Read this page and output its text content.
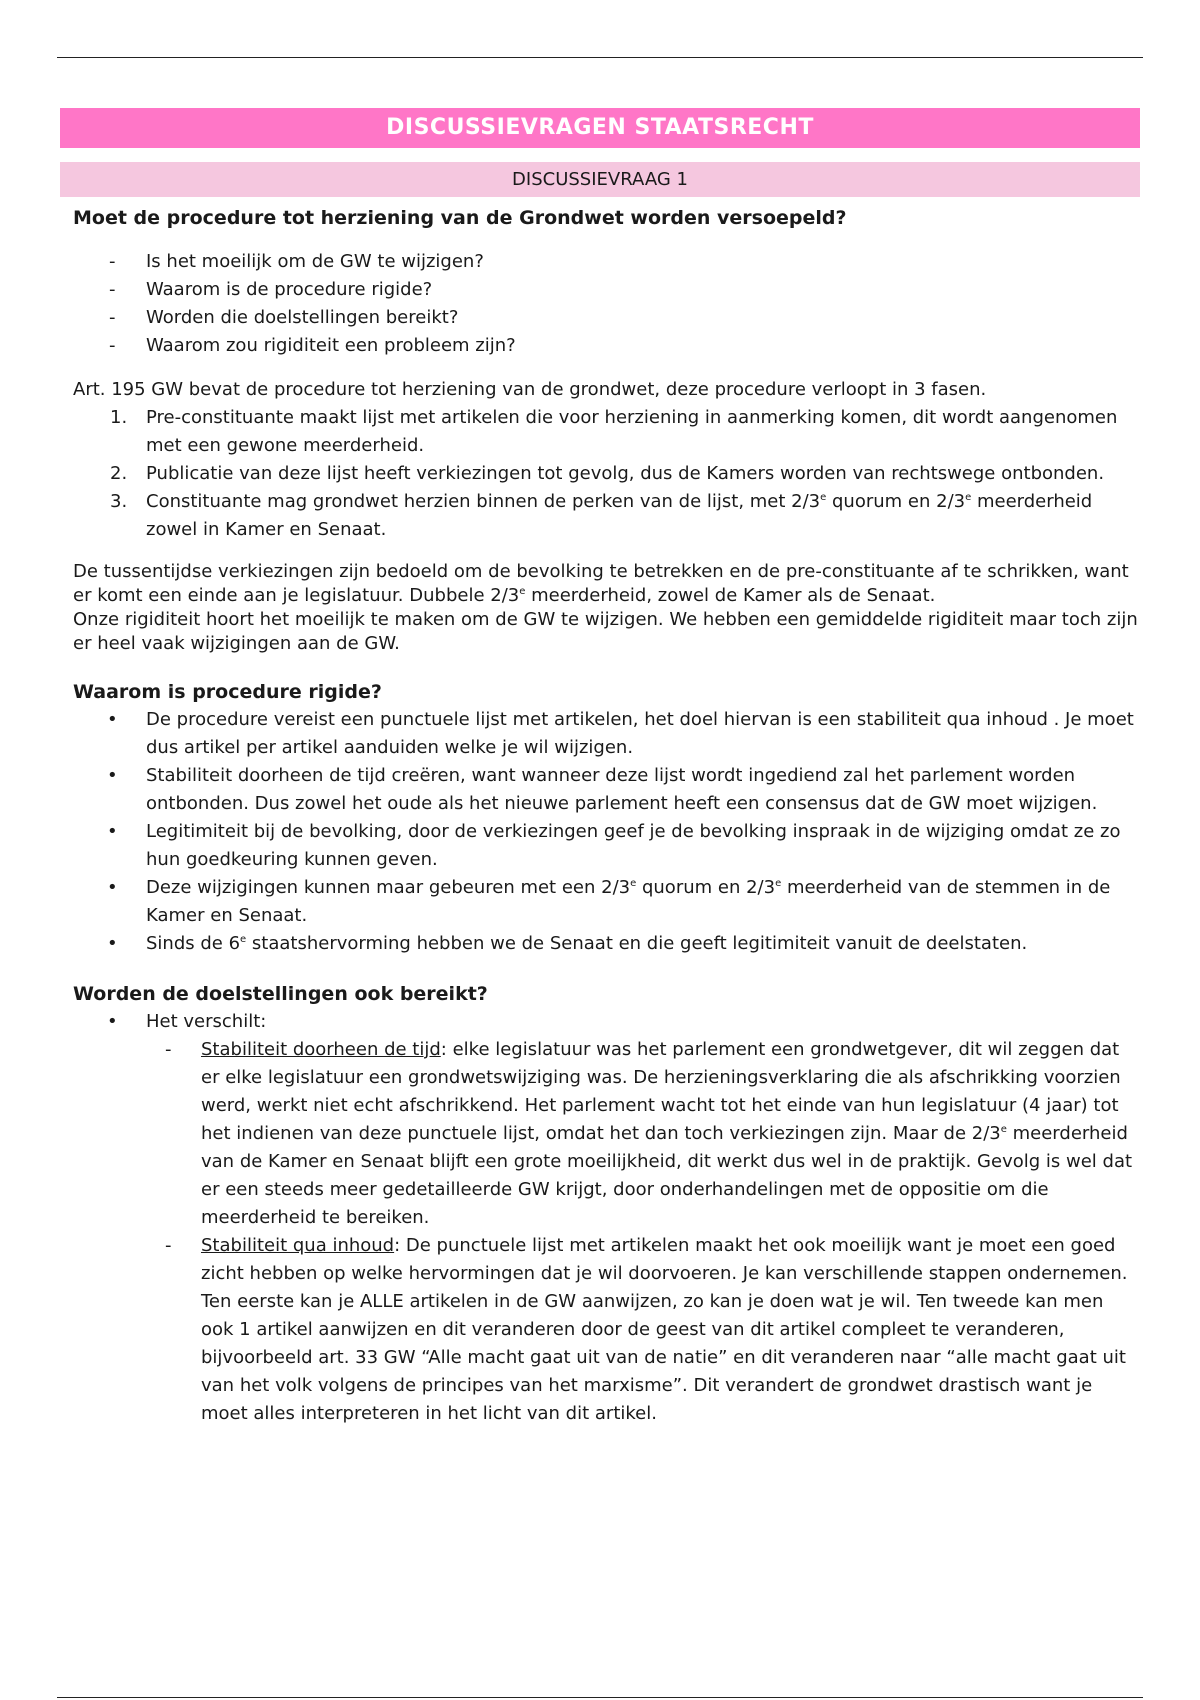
DISCUSSIEVRAGEN STAATSRECHT
DISCUSSIEVRAAG 1

Moet de procedure tot herziening van de Grondwet worden versoepeld?

- Is het moeilijk om de GW te wijzigen?
- Waarom is de procedure rigide?
- Worden die doelstellingen bereikt?
- Waarom zou rigiditeit een probleem zijn?

Art. 195 GW bevat de procedure tot herziening van de grondwet, deze procedure verloopt in 3 fasen.

1. Pre-constituante maakt lijst met artikelen die voor herziening in aanmerking komen, dit wordt aangenomen met een gewone meerderheid.
2. Publicatie van deze lijst heeft verkiezingen tot gevolg, dus de Kamers worden van rechtswege ontbonden.
3. Constituante mag grondwet herzien binnen de perken van de lijst, met 2/3e quorum en 2/3e meerderheid zowel in Kamer en Senaat.

De tussentijdse verkiezingen zijn bedoeld om de bevolking te betrekken en de pre-constituante af te schrikken, want er komt een einde aan je legislatuur. Dubbele 2/3e meerderheid, zowel de Kamer als de Senaat.

Onze rigiditeit hoort het moeilijk te maken om de GW te wijzigen. We hebben een gemiddelde rigiditeit maar toch zijn er heel vaak wijzigingen aan de GW.

Waarom is procedure rigide?

• De procedure vereist een punctuele lijst met artikelen, het doel hiervan is een stabiliteit qua inhoud . Je moet dus artikel per artikel aanduiden welke je wil wijzigen.
• Stabiliteit doorheen de tijd creëren, want wanneer deze lijst wordt ingediend zal het parlement worden ontbonden. Dus zowel het oude als het nieuwe parlement heeft een consensus dat de GW moet wijzigen.
• Legitimiteit bij de bevolking, door de verkiezingen geef je de bevolking inspraak in de wijziging omdat ze zo hun goedkeuring kunnen geven.
• Deze wijzigingen kunnen maar gebeuren met een 2/3e quorum en 2/3e meerderheid van de stemmen in de Kamer en Senaat.
• Sinds de 6e staatshervorming hebben we de Senaat en die geeft legitimiteit vanuit de deelstaten.

Worden de doelstellingen ook bereikt?

• Het verschilt:
- Stabiliteit doorheen de tijd: elke legislatuur was het parlement een grondwetgever, dit wil zeggen dat er elke legislatuur een grondwetswijziging was. De herzieningsverklaring die als afschrikking voorzien werd, werkt niet echt afschrikkend. Het parlement wacht tot het einde van hun legislatuur (4 jaar) tot het indienen van deze punctuele lijst, omdat het dan toch verkiezingen zijn. Maar de 2/3e meerderheid van de Kamer en Senaat blijft een grote moeilijkheid, dit werkt dus wel in de praktijk. Gevolg is wel dat er een steeds meer gedetailleerde GW krijgt, door onderhandelingen met de oppositie om die meerderheid te bereiken.
- Stabiliteit qua inhoud: De punctuele lijst met artikelen maakt het ook moeilijk want je moet een goed zicht hebben op welke hervormingen dat je wil doorvoeren. Je kan verschillende stappen ondernemen. Ten eerste kan je ALLE artikelen in de GW aanwijzen, zo kan je doen wat je wil. Ten tweede kan men ook 1 artikel aanwijzen en dit veranderen door de geest van dit artikel compleet te veranderen, bijvoorbeeld art. 33 GW “Alle macht gaat uit van de natie” en dit veranderen naar “alle macht gaat uit van het volk volgens de principes van het marxisme”. Dit verandert de grondwet drastisch want je moet alles interpreteren in het licht van dit artikel.
